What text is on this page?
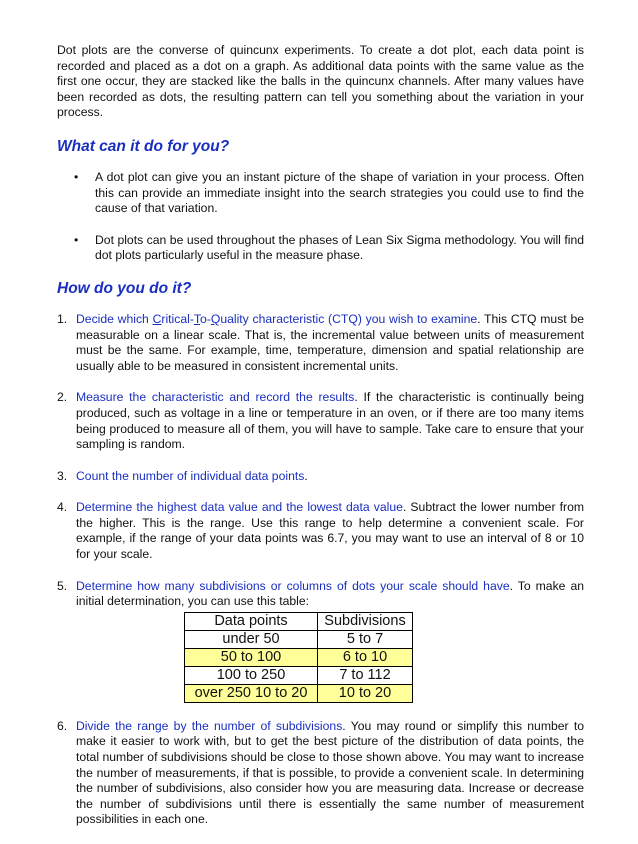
Dot plots are the converse of quincunx experiments. To create a dot plot, each data point is recorded and placed as a dot on a graph. As additional data points with the same value as the first one occur, they are stacked like the balls in the quincunx channels. After many values have been recorded as dots, the resulting pattern can tell you something about the variation in your process.

What can it do for you?
• A dot plot can give you an instant picture of the shape of variation in your process. Often this can provide an immediate insight into the search strategies you could use to find the cause of that variation.
• Dot plots can be used throughout the phases of Lean Six Sigma methodology. You will find dot plots particularly useful in the measure phase.
How do you do it?
1. Decide which Critical-To-Quality characteristic (CTQ) you wish to examine. This CTQ must be measurable on a linear scale. That is, the incremental value between units of measurement must be the same. For example, time, temperature, dimension and spatial relationship are usually able to be measured in consistent incremental units.
2. Measure the characteristic and record the results. If the characteristic is continually being produced, such as voltage in a line or temperature in an oven, or if there are too many items being produced to measure all of them, you will have to sample. Take care to ensure that your sampling is random.
3. Count the number of individual data points.
4. Determine the highest data value and the lowest data value. Subtract the lower number from the higher. This is the range. Use this range to help determine a convenient scale. For example, if the range of your data points was 6.7, you may want to use an interval of 8 or 10 for your scale.
5. Determine how many subdivisions or columns of dots your scale should have. To make an initial determination, you can use this table:
Data points	Subdivisions
under 50	5 to 7
50 to 100	6 to 10
100 to 250	7 to 112
over 250 10 to 20	10 to 20
6. Divide the range by the number of subdivisions. You may round or simplify this number to make it easier to work with, but to get the best picture of the distribution of data points, the total number of subdivisions should be close to those shown above. You may want to increase the number of measurements, if that is possible, to provide a convenient scale. In determining the number of subdivisions, also consider how you are measuring data. Increase or decrease the number of subdivisions until there is essentially the same number of measurement possibilities in each one.
